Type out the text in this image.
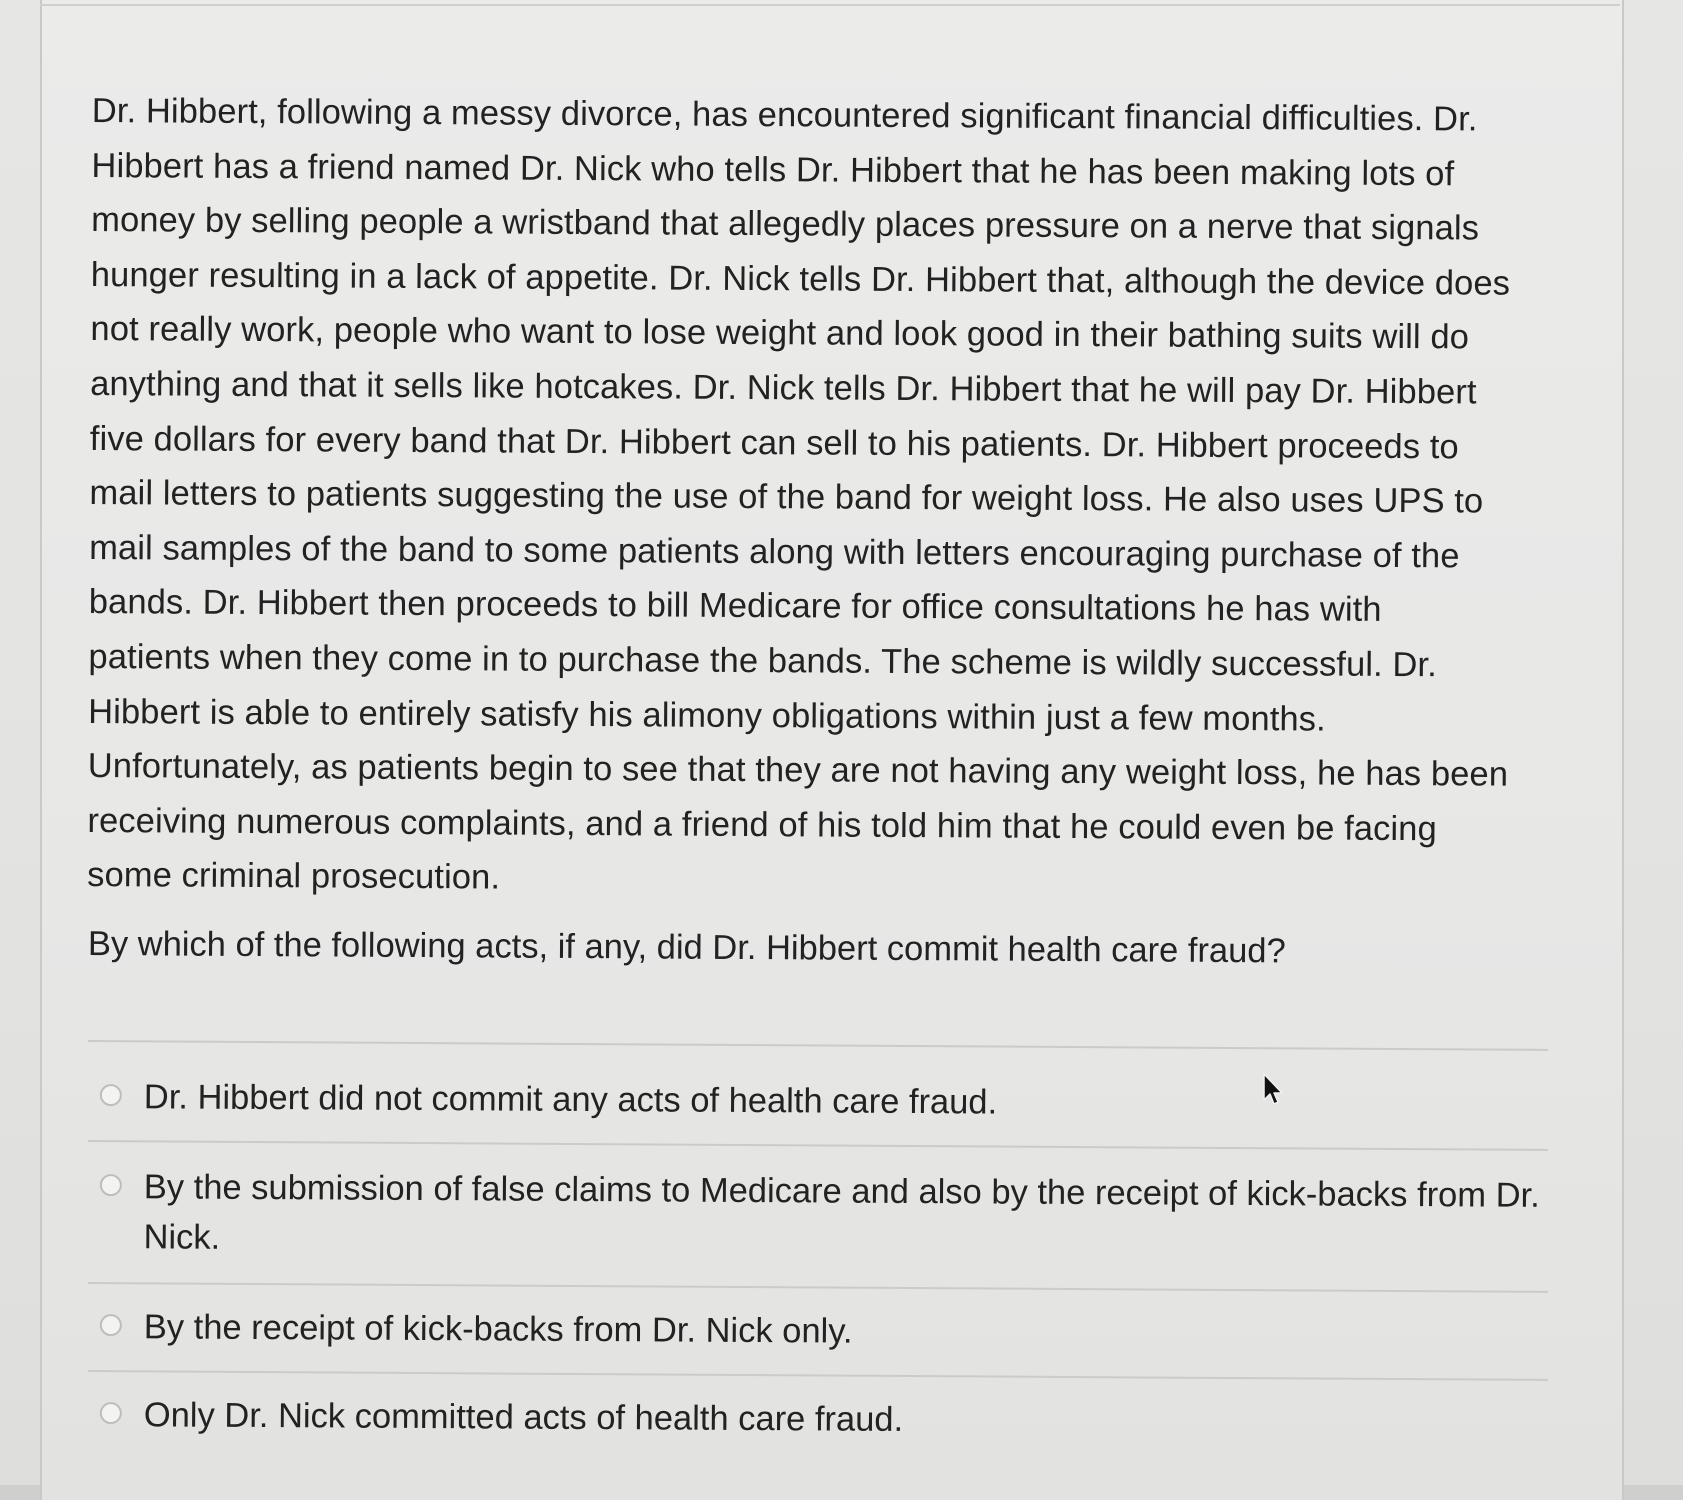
Dr. Hibbert, following a messy divorce, has encountered significant financial difficulties. Dr.

Hibbert has a friend named Dr. Nick who tells Dr. Hibbert that he has been making lots of

money by selling people a wristband that allegedly places pressure on a nerve that signals

hunger resulting in a lack of appetite. Dr. Nick tells Dr. Hibbert that, although the device does

not really work, people who want to lose weight and look good in their bathing suits will do

anything and that it sells like hotcakes. Dr. Nick tells Dr. Hibbert that he will pay Dr. Hibbert

five dollars for every band that Dr. Hibbert can sell to his patients. Dr. Hibbert proceeds to

mail letters to patients suggesting the use of the band for weight loss. He also uses UPS to

mail samples of the band to some patients along with letters encouraging purchase of the

bands. Dr. Hibbert then proceeds to bill Medicare for office consultations he has with

patients when they come in to purchase the bands. The scheme is wildly successful. Dr.

Hibbert is able to entirely satisfy his alimony obligations within just a few months.

Unfortunately, as patients begin to see that they are not having any weight loss, he has been

receiving numerous complaints, and a friend of his told him that he could even be facing

some criminal prosecution.

By which of the following acts, if any, did Dr. Hibbert commit health care fraud?
Dr. Hibbert did not commit any acts of health care fraud.
By the submission of false claims to Medicare and also by the receipt of kick-backs from Dr. Nick.
By the receipt of kick-backs from Dr. Nick only.
Only Dr. Nick committed acts of health care fraud.
